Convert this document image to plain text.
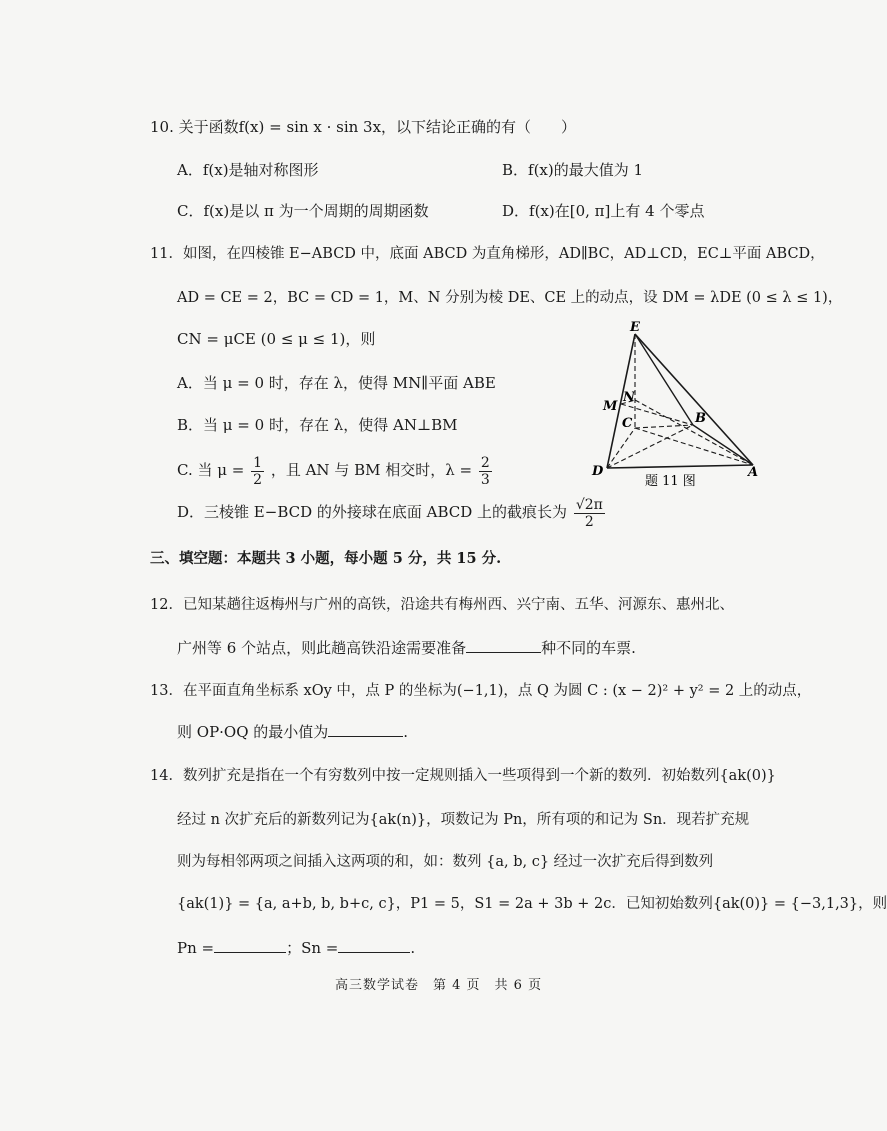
10. 关于函数f(x) = sin x · sin 3x，以下结论正确的有（　　）
A．f(x)是轴对称图形	B．f(x)的最大值为 1
C．f(x)是以 π 为一个周期的周期函数	D．f(x)在[0, π]上有 4 个零点
11．如图，在四棱锥 E−ABCD 中，底面 ABCD 为直角梯形，AD∥BC，AD⊥CD，EC⊥平面 ABCD，
AD = CE = 2，BC = CD = 1，M、N 分别为棱 DE、CE 上的动点，设 DM = λDE (0 ≤ λ ≤ 1)，
CN = μCE (0 ≤ μ ≤ 1)，则
A．当 μ = 0 时，存在 λ，使得 MN∥平面 ABE
B．当 μ = 0 时，存在 λ，使得 AN⊥BM
C. 当 $\mu = \frac{1}{2}$ ，且 AN 与 BM 相交时，$\lambda = \frac{2}{3}$
D．三棱锥 E−BCD 的外接球在底面 ABCD 上的截痕长为 $\frac{√2\pi}{2}$
E
M
N
C	B
D	A
题 11 图
三、填空题：本题共 3 小题，每小题 5 分，共 15 分.
12．已知某趟往返梅州与广州的高铁，沿途共有梅州西、兴宁南、五华、河源东、惠州北、
广州等 6 个站点，则此趟高铁沿途需要准备	种不同的车票.
13．在平面直角坐标系 xOy 中，点 P 的坐标为(−1,1)，点 Q 为圆 C : (x − 2)² + y² = 2 上的动点，
则 OP·OQ 的最小值为	.
14．数列扩充是指在一个有穷数列中按一定规则插入一些项得到一个新的数列．初始数列{ak(0)}
经过 n 次扩充后的新数列记为{ak(n)}，项数记为 Pn，所有项的和记为 Sn．现若扩充规
则为每相邻两项之间插入这两项的和，如：数列 {a, b, c} 经过一次扩充后得到数列
{ak(1)} = {a, a+b, b, b+c, c}，P1 = 5，S1 = 2a + 3b + 2c．已知初始数列{ak(0)} = {−3,1,3}，则
Pn =	；Sn =	.
高三数学试卷　第 4 页　共 6 页
